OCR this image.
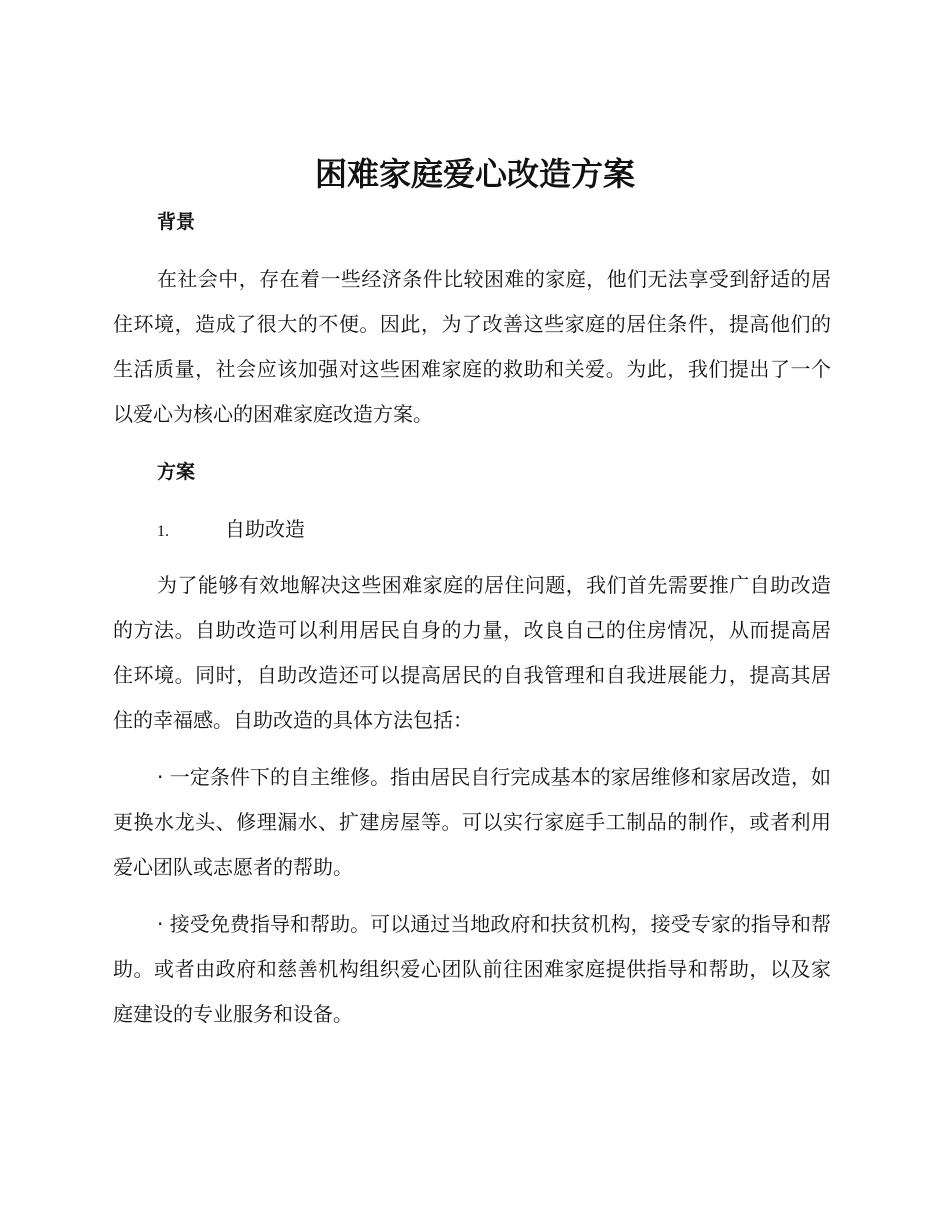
困难家庭爱心改造方案
背景

在社会中，存在着一些经济条件比较困难的家庭，他们无法享受到舒适的居住环境，造成了很大的不便。因此，为了改善这些家庭的居住条件，提高他们的生活质量，社会应该加强对这些困难家庭的救助和关爱。为此，我们提出了一个以爱心为核心的困难家庭改造方案。

方案
1.	自助改造

为了能够有效地解决这些困难家庭的居住问题，我们首先需要推广自助改造的方法。自助改造可以利用居民自身的力量，改良自己的住房情况，从而提高居住环境。同时，自助改造还可以提高居民的自我管理和自我进展能力，提高其居住的幸福感。自助改造的具体方法包括：

· 一定条件下的自主维修。指由居民自行完成基本的家居维修和家居改造，如更换水龙头、修理漏水、扩建房屋等。可以实行家庭手工制品的制作，或者利用爱心团队或志愿者的帮助。

· 接受免费指导和帮助。可以通过当地政府和扶贫机构，接受专家的指导和帮助。或者由政府和慈善机构组织爱心团队前往困难家庭提供指导和帮助，以及家庭建设的专业服务和设备。
